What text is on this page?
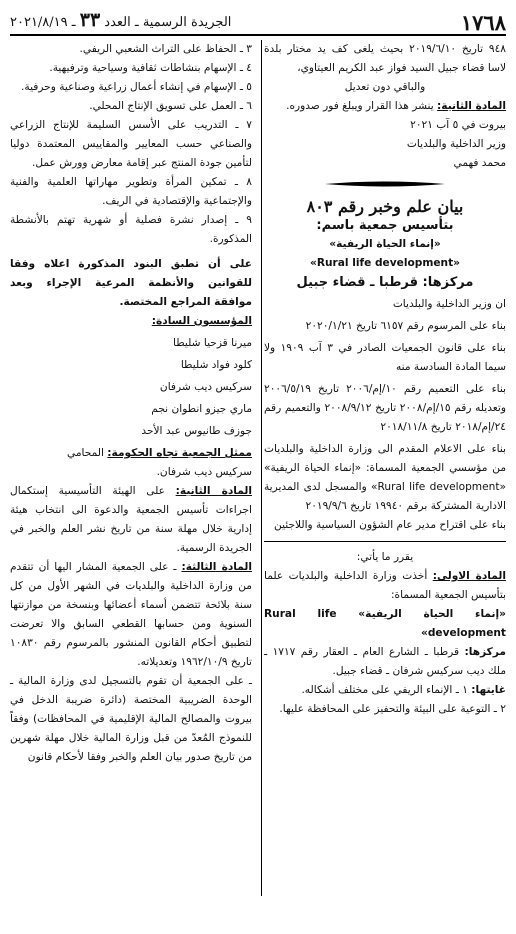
١٧٦٨
الجريدة الرسمية ـ العدد ٣٣ ـ ٢٠٢١/٨/١٩

٩٤٨ تاريخ ٢٠١٩/٦/١٠ بحيث يلغى كف يد مختار بلدة لاسا قضاء جبيل السيد فواز عبد الكريم العيتاوي،

والباقي دون تعديل

المادة الثانية: ينشر هذا القرار ويبلغ فور صدوره.

بيروت في ٥ آب ٢٠٢١

وزير الداخلية والبلديات

محمد فهمي

بيان علم وخبر رقم ٨٠٣

بتأسيس جمعية باسم:

«إنماء الحياة الريفية»

«Rural life development»

مركزها: قرطبا ـ قضاء جبيل

ان وزير الداخلية والبلديات

بناء على المرسوم رقم ٦١٥٧ تاريخ ٢٠٢٠/١/٢١

بناء على قانون الجمعيات الصادر في ٣ آب ١٩٠٩ ولا سيما المادة السادسة منه

بناء على التعميم رقم ١٠/إم/٢٠٠٦ تاريخ ٢٠٠٦/٥/١٩ وتعديله رقم ١٥/إم/٢٠٠٨ تاريخ ٢٠٠٨/٩/١٢ والتعميم رقم ٢٤/إم/٢٠١٨ تاريخ ٢٠١٨/١١/٨

بناء على الاعلام المقدم الى وزارة الداخلية والبلديات من مؤسسي الجمعية المسماة: «إنماء الحياة الريفية» «Rural life development» والمسجل لدى المديرية الادارية المشتركة برقم ١٩٩٤٠ تاريخ ٢٠١٩/٩/٦

بناء على اقتراح مدير عام الشؤون السياسية واللاجئين

يقرر ما يأتي:

المادة الاولى: أخذت وزارة الداخلية والبلديات علما بتأسيس الجمعية المسماة:

«إنماء الحياة الريفية» Rural life development»

مركزها: قرطبا ـ الشارع العام ـ العقار رقم ١٧١٧ ـ ملك ديب سركيس شرفان ـ قضاء جبيل.

غايتها: ١ ـ الإنماء الريفي على مختلف أشكاله.

٢ ـ التوعية على البيئة والتحفيز على المحافظة عليها.

٣ ـ الحفاظ على التراث الشعبي الريفي.

٤ ـ الإسهام بنشاطات ثقافية وسياحية وترفيهية.

٥ ـ الإسهام في إنشاء أعمال زراعية وصناعية وحرفية.

٦ ـ العمل على تسويق الإنتاج المحلي.

٧ ـ التدريب على الأسس السليمة للإنتاج الزراعي والصناعي حسب المعايير والمقاييس المعتمدة دوليا لتأمين جودة المنتج عبر إقامة معارض وورش عمل.

٨ ـ تمكين المرأة وتطوير مهاراتها العلمية والفنية والإجتماعية والإقتصادية في الريف.

٩ ـ إصدار نشرة فصلية أو شهرية تهتم بالأنشطة المذكورة.

على أن تطبق البنود المذكورة اعلاه وفقا للقوانين والأنظمة المرعية الإجراء وبعد موافقة المراجع المختصة.

المؤسسون السادة:

ميرنا قزحيا شليطا

كلود فواد شليطا

سركيس ديب شرفان

ماري جيزو انطوان نجم

جوزف طانيوس عبد الأحد

ممثل الجمعية تجاه الحكومة: المحامي

سركيس ديب شرفان.

المادة الثانية: على الهيئة التأسيسية إستكمال اجراءات تأسيس الجمعية والدعوة الى انتخاب هيئة إدارية خلال مهلة سنة من تاريخ نشر العلم والخبر في الجريدة الرسمية.

المادة الثالثة: ـ على الجمعية المشار اليها أن تتقدم من وزارة الداخلية والبلديات في الشهر الأول من كل سنة بلائحة تتضمن أسماء أعضائها وبنسخة من موازنتها السنوية ومن حسابها القطعي السابق والا تعرضت لتطبيق أحكام القانون المنشور بالمرسوم رقم ١٠٨٣٠ تاريخ ١٩٦٢/١٠/٩ وتعديلاته.

ـ على الجمعية أن تقوم بالتسجيل لدى وزارة المالية ـ الوحدة الضريبية المختصة (دائرة ضريبة الدخل في بيروت والمصالح المالية الإقليمية في المحافظات) وفقاً للنموذج المُعدّ من قبل وزارة المالية خلال مهلة شهرين من تاريخ صدور بيان العلم والخبر وفقا لأحكام قانون
